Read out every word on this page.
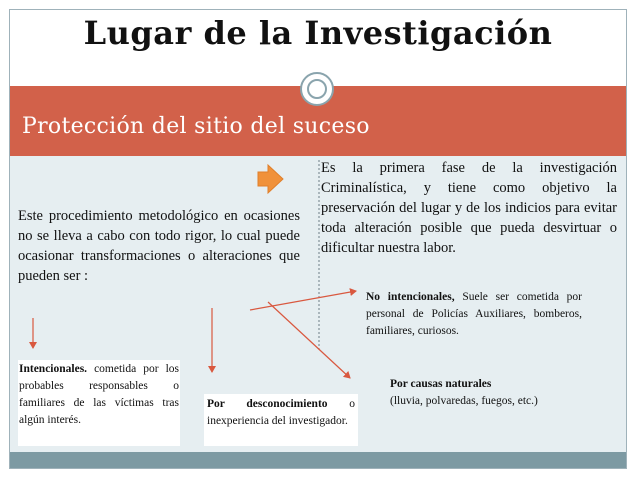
Lugar de la Investigación
Protección del sitio del suceso
Este procedimiento metodológico en ocasiones no se lleva a cabo con todo rigor, lo cual puede ocasionar transformaciones o alteraciones que pueden ser :
Es la primera fase de la investigación Criminalística, y tiene como objetivo la preservación del lugar y de los indicios para evitar toda alteración posible que pueda desvirtuar o dificultar nuestra labor.
No intencionales, Suele ser cometida por personal de Policías Auxiliares, bomberos, familiares, curiosos.
Intencionales. cometida por los probables responsables o familiares de las víctimas tras algún interés.
Por desconocimiento o inexperiencia del investigador.
Por causas naturales
(lluvia, polvaredas, fuegos, etc.)
